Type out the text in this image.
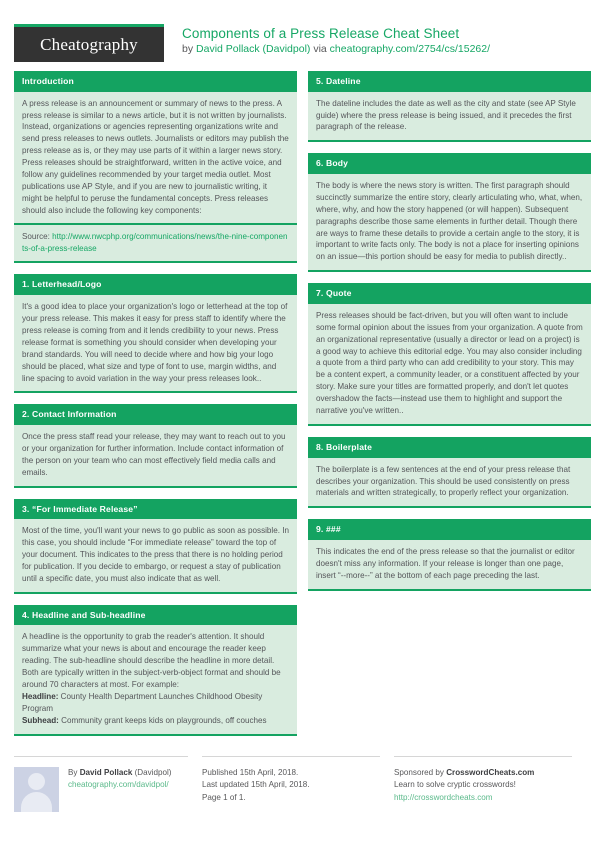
Cheatography
Components of a Press Release Cheat Sheet
by David Pollack (Davidpol) via cheatography.com/2754/cs/15262/
Introduction

A press release is an announcement or summary of news to the press. A press release is similar to a news article, but it is not written by journalists. Instead, organizations or agencies representing organizations write and send press releases to news outlets. Journalists or editors may publish the press release as is, or they may use parts of it within a larger news story.

Press releases should be straightforward, written in the active voice, and follow any guidelines recommended by your target media outlet. Most publications use AP Style, and if you are new to journalistic writing, it might be helpful to peruse the fundamental concepts. Press releases should also include the following key components:

Source: http://www.nwcphp.org/communications/news/the-nine-components-of-a-press-release

1. Letterhead/Logo

It's a good idea to place your organization's logo or letterhead at the top of your press release. This makes it easy for press staff to identify where the press release is coming from and it lends credibility to your news. Press release format is something you should consider when developing your brand standards. You will need to decide where and how big your logo should be placed, what size and type of font to use, margin widths, and line spacing to avoid variation in the way your press releases look..

2. Contact Information

Once the press staff read your release, they may want to reach out to you or your organization for further information. Include contact information of the person on your team who can most effectively field media calls and emails.

3. “For Immediate Release”

Most of the time, you'll want your news to go public as soon as possible. In this case, you should include “For immediate release” toward the top of your document. This indicates to the press that there is no holding period for publication. If you decide to embargo, or request a stay of publication until a specific date, you must also indicate that as well.

4. Headline and Sub-headline

A headline is the opportunity to grab the reader's attention. It should summarize what your news is about and encourage the reader keep reading. The sub-headline should describe the headline in more detail. Both are typically written in the subject-verb-object format and should be around 70 characters at most. For example:

Headline: County Health Department Launches Childhood Obesity Program

Subhead: Community grant keeps kids on playgrounds, off couches

5. Dateline

The dateline includes the date as well as the city and state (see AP Style guide) where the press release is being issued, and it precedes the first paragraph of the release.

6. Body

The body is where the news story is written. The first paragraph should succinctly summarize the entire story, clearly articulating who, what, when, where, why, and how the story happened (or will happen). Subsequent paragraphs describe those same elements in further detail. Though there are ways to frame these details to provide a certain angle to the story, it is important to write facts only. The body is not a place for inserting opinions on an issue—this portion should be easy for media to publish directly..

7. Quote

Press releases should be fact-driven, but you will often want to include some formal opinion about the issues from your organization. A quote from an organizational representative (usually a director or lead on a project) is a good way to achieve this editorial edge. You may also consider including a quote from a third party who can add credibility to your story. This may be a content expert, a community leader, or a constituent affected by your story. Make sure your titles are formatted properly, and don't let quotes overshadow the facts—instead use them to highlight and support the narrative you've written..

8. Boilerplate

The boilerplate is a few sentences at the end of your press release that describes your organization. This should be used consistently on press materials and written strategically, to properly reflect your organization.

9. ###

This indicates the end of the press release so that the journalist or editor doesn't miss any information. If your release is longer than one page, insert “--more--” at the bottom of each page preceding the last.

By David Pollack (Davidpol)
cheatography.com/davidpol/
Published 15th April, 2018.
Last updated 15th April, 2018.
Page 1 of 1.
Sponsored by CrosswordCheats.com
Learn to solve cryptic crosswords!
http://crosswordcheats.com
